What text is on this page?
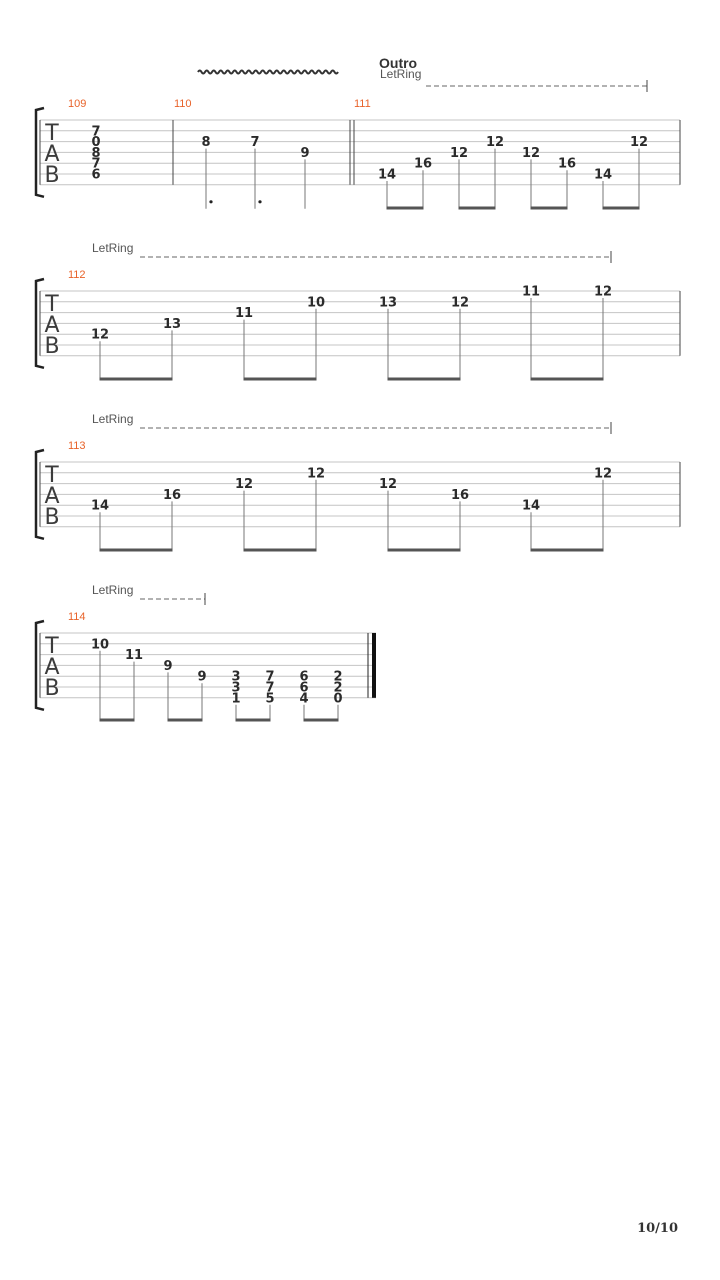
Outro
LetRing
T
A
B
109
7
0
8
7
6
110
8	7
9
111
14
16
12
12
12
16
14
12
LetRing
T
A
B
112
12
13
11
10	13	12
11	12
LetRing
T
A
B
113
14
16
12
12
12
16
14
12
LetRing
T
A
B
114
10
11
9
9 3
3
1
7
7
5
6
6
4
2
2
0
10/10
